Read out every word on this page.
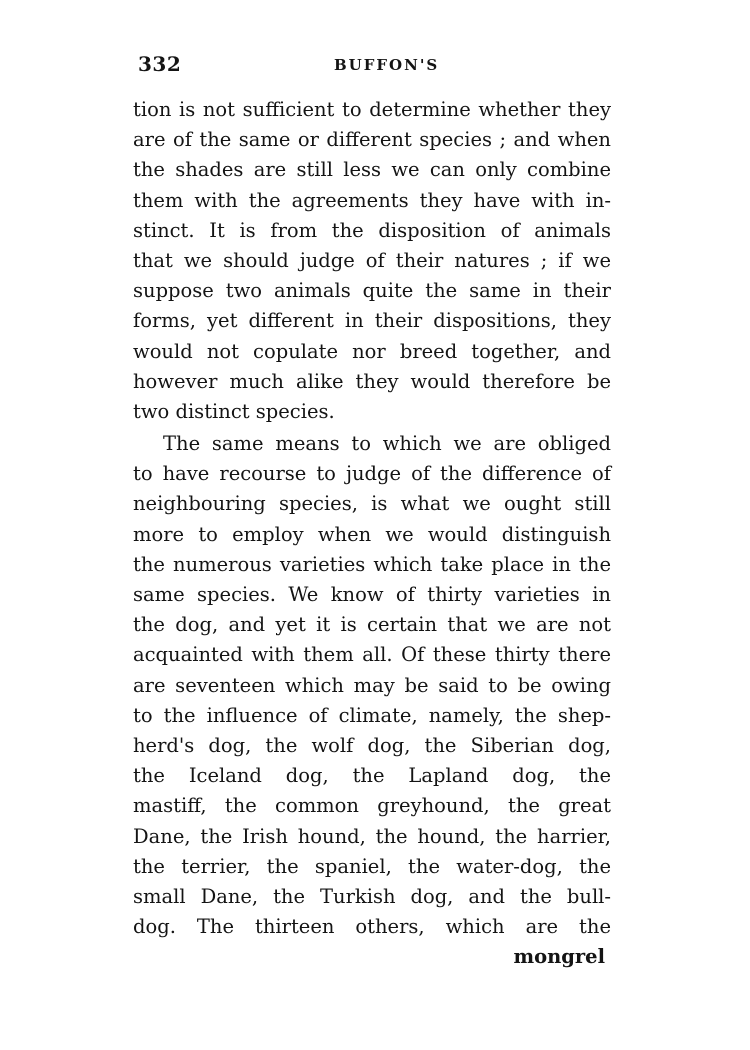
332	BUFFON'S
tion is not sufficient to determine whether they
are of the same or different species ; and when
the shades are still less we can only combine
them with the agreements they have with in-
stinct. It is from the disposition of animals
that we should judge of their natures ; if we
suppose two animals quite the same in their
forms, yet different in their dispositions, they
would not copulate nor breed together, and
however much alike they would therefore be
two distinct species.
The same means to which we are obliged
to have recourse to judge of the difference of
neighbouring species, is what we ought still
more to employ when we would distinguish
the numerous varieties which take place in the
same species. We know of thirty varieties in
the dog, and yet it is certain that we are not
acquainted with them all. Of these thirty there
are seventeen which may be said to be owing
to the influence of climate, namely, the shep-
herd's dog, the wolf dog, the Siberian dog,
the Iceland dog, the Lapland dog, the
mastiff, the common greyhound, the great
Dane, the Irish hound, the hound, the harrier,
the terrier, the spaniel, the water-dog, the
small Dane, the Turkish dog, and the bull-
dog. The thirteen others, which are the
mongrel
